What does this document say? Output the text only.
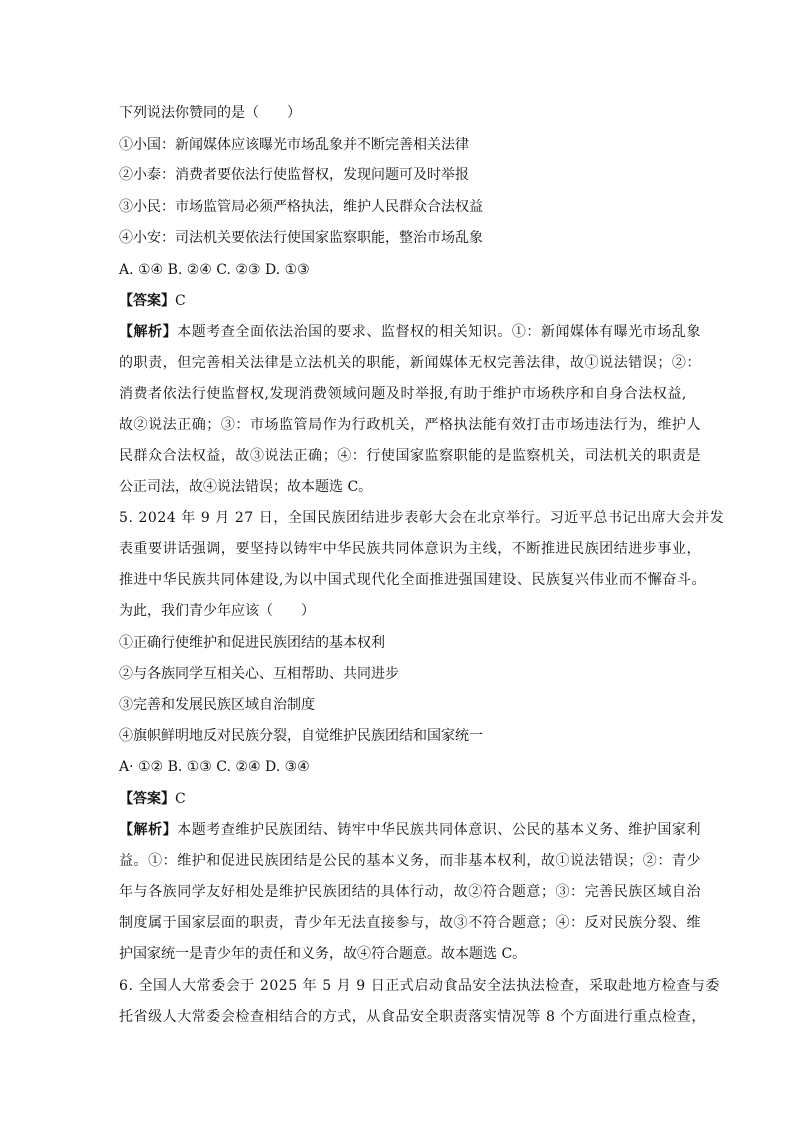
下列说法你赞同的是（　　）
①小国：新闻媒体应该曝光市场乱象并不断完善相关法律
②小泰：消费者要依法行使监督权，发现问题可及时举报
③小民：市场监管局必须严格执法，维护人民群众合法权益
④小安：司法机关要依法行使国家监察职能，整治市场乱象
A. ①④ B. ②④ C. ②③ D. ①③
【答案】C
【解析】本题考查全面依法治国的要求、监督权的相关知识。①：新闻媒体有曝光市场乱象
的职责，但完善相关法律是立法机关的职能，新闻媒体无权完善法律，故①说法错误；②：
消费者依法行使监督权,发现消费领域问题及时举报,有助于维护市场秩序和自身合法权益,
故②说法正确；③：市场监管局作为行政机关，严格执法能有效打击市场违法行为，维护人
民群众合法权益，故③说法正确；④：行使国家监察职能的是监察机关，司法机关的职责是
公正司法，故④说法错误；故本题选 C。
5. 2024 年 9 月 27 日，全国民族团结进步表彰大会在北京举行。习近平总书记出席大会并发
表重要讲话强调，要坚持以铸牢中华民族共同体意识为主线，不断推进民族团结进步事业，
推进中华民族共同体建设,为以中国式现代化全面推进强国建设、民族复兴伟业而不懈奋斗。
为此，我们青少年应该（　　）
①正确行使维护和促进民族团结的基本权利
②与各族同学互相关心、互相帮助、共同进步
③完善和发展民族区域自治制度
④旗帜鲜明地反对民族分裂，自觉维护民族团结和国家统一
A· ①② B. ①③ C. ②④ D. ③④
【答案】C
【解析】本题考查维护民族团结、铸牢中华民族共同体意识、公民的基本义务、维护国家利
益。①：维护和促进民族团结是公民的基本义务，而非基本权利，故①说法错误；②：青少
年与各族同学友好相处是维护民族团结的具体行动，故②符合题意；③：完善民族区域自治
制度属于国家层面的职责，青少年无法直接参与，故③不符合题意；④：反对民族分裂、维
护国家统一是青少年的责任和义务，故④符合题意。故本题选 C。
6. 全国人大常委会于 2025 年 5 月 9 日正式启动食品安全法执法检查，采取赴地方检查与委
托省级人大常委会检查相结合的方式，从食品安全职责落实情况等 8 个方面进行重点检查，
